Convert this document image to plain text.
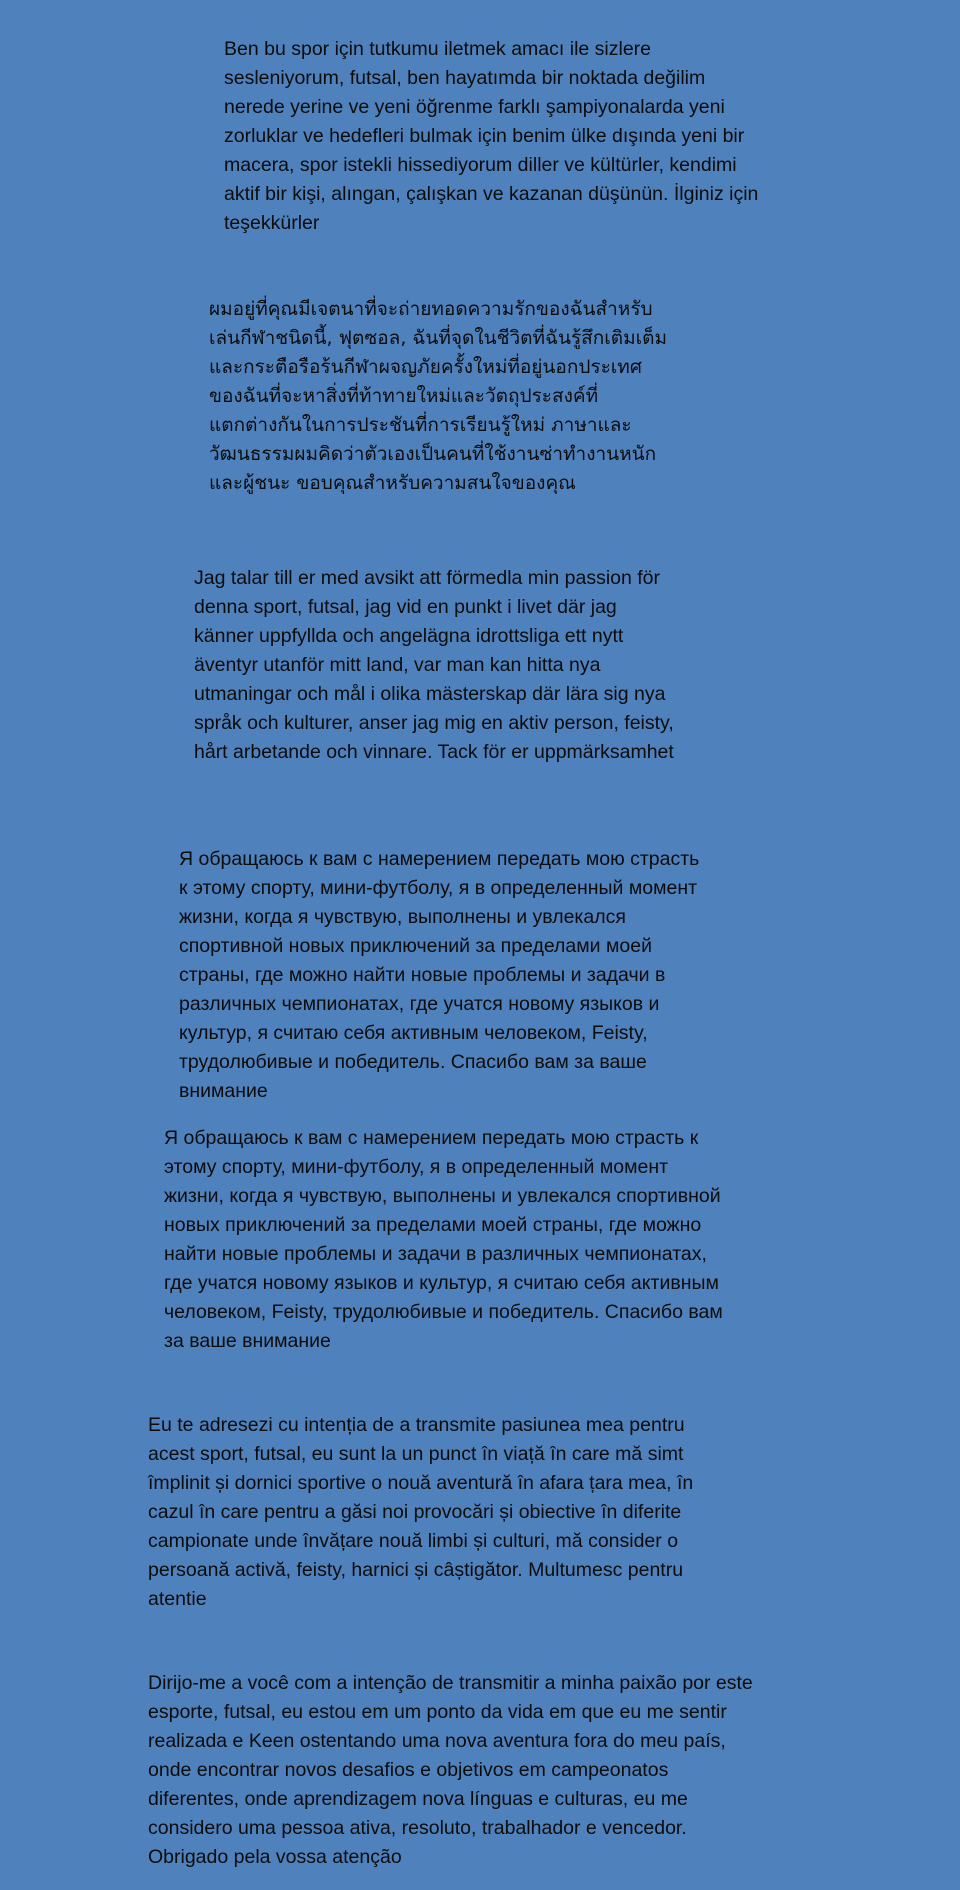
Ben bu spor için tutkumu iletmek amacı ile sizlere
sesleniyorum, futsal, ben hayatımda bir noktada değilim
nerede yerine ve yeni öğrenme farklı şampiyonalarda yeni
zorluklar ve hedefleri bulmak için benim ülke dışında yeni bir
macera, spor istekli hissediyorum diller ve kültürler, kendimi
aktif bir kişi, alıngan, çalışkan ve kazanan düşünün. İlginiz için
teşekkürler

ผมอยู่ที่คุณมีเจตนาที่จะถ่ายทอดความรักของฉันสำหรับ
เล่นกีฬาชนิดนี้, ฟุตซอล, ฉันที่จุดในชีวิตที่ฉันรู้สึกเติมเต็ม
และกระตือรือร้นกีฬาผจญภัยครั้งใหม่ที่อยู่นอกประเทศ
ของฉันที่จะหาสิ่งที่ท้าทายใหม่และวัตถุประสงค์ที่
แตกต่างกันในการประชันที่การเรียนรู้ใหม่ ภาษาและ
วัฒนธรรมผมคิดว่าตัวเองเป็นคนที่ใช้งานซ่าทำงานหนัก
และผู้ชนะ ขอบคุณสำหรับความสนใจของคุณ

Jag talar till er med avsikt att förmedla min passion för
denna sport, futsal, jag vid en punkt i livet där jag
känner uppfyllda och angelägna idrottsliga ett nytt
äventyr utanför mitt land, var man kan hitta nya
utmaningar och mål i olika mästerskap där lära sig nya
språk och kulturer, anser jag mig en aktiv person, feisty,
hårt arbetande och vinnare. Tack för er uppmärksamhet

Я обращаюсь к вам с намерением передать мою страсть
к этому спорту, мини-футболу, я в определенный момент
жизни, когда я чувствую, выполнены и увлекался
спортивной новых приключений за пределами моей
страны, где можно найти новые проблемы и задачи в
различных чемпионатах, где учатся новому языков и
культур, я считаю себя активным человеком, Feisty,
трудолюбивые и победитель. Спасибо вам за ваше
внимание

Я обращаюсь к вам с намерением передать мою страсть к
этому спорту, мини-футболу, я в определенный момент
жизни, когда я чувствую, выполнены и увлекался спортивной
новых приключений за пределами моей страны, где можно
найти новые проблемы и задачи в различных чемпионатах,
где учатся новому языков и культур, я считаю себя активным
человеком, Feisty, трудолюбивые и победитель. Спасибо вам
за ваше внимание

Eu te adresezi cu intenția de a transmite pasiunea mea pentru
acest sport, futsal, eu sunt la un punct în viață în care mă simt
împlinit și dornici sportive o nouă aventură în afara țara mea, în
cazul în care pentru a găsi noi provocări și obiective în diferite
campionate unde învățare nouă limbi și culturi, mă consider o
persoană activă, feisty, harnici și câștigător. Multumesc pentru
atentie

Dirijo-me a você com a intenção de transmitir a minha paixão por este
esporte, futsal, eu estou em um ponto da vida em que eu me sentir
realizada e Keen ostentando uma nova aventura fora do meu país,
onde encontrar novos desafios e objetivos em campeonatos
diferentes, onde aprendizagem nova línguas e culturas, eu me
considero uma pessoa ativa, resoluto, trabalhador e vencedor.
Obrigado pela vossa atenção
